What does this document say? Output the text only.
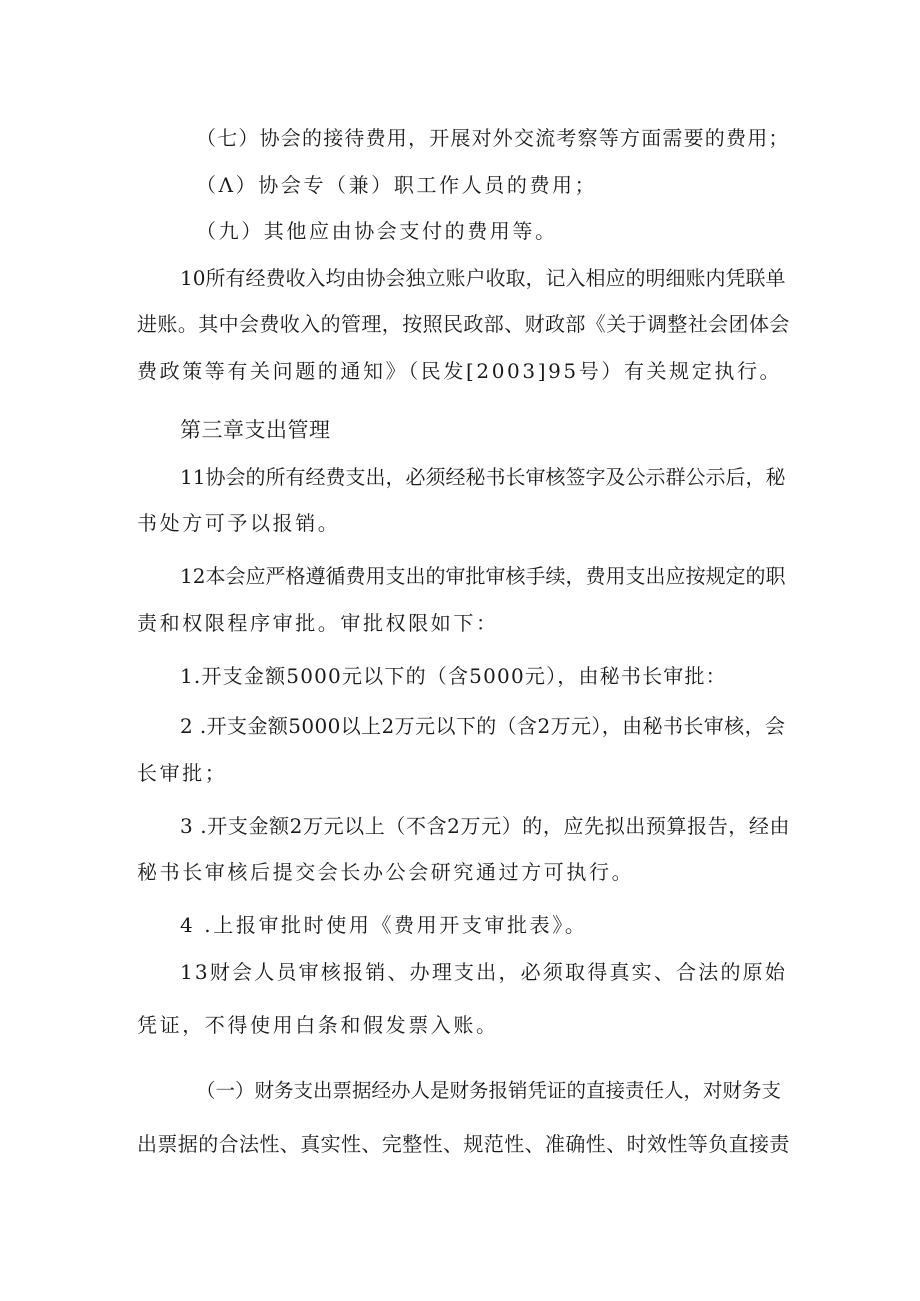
（七）协会的接待费用，开展对外交流考察等方面需要的费用；
（Λ）协会专（兼）职工作人员的费用；
（九）其他应由协会支付的费用等。
10所有经费收入均由协会独立账户收取，记入相应的明细账内凭联单
进账。其中会费收入的管理，按照民政部、财政部《关于调整社会团体会
费政策等有关问题的通知》（民发[2003]95号）有关规定执行。
第三章支出管理
11协会的所有经费支出，必须经秘书长审核签字及公示群公示后，秘
书处方可予以报销。
12本会应严格遵循费用支出的审批审核手续，费用支出应按规定的职
责和权限程序审批。审批权限如下：
1.开支金额5000元以下的（含5000元），由秘书长审批：
2 .开支金额5000以上2万元以下的（含2万元），由秘书长审核，会
长审批；
3 .开支金额2万元以上（不含2万元）的，应先拟出预算报告，经由
秘书长审核后提交会长办公会研究通过方可执行。
4 .上报审批时使用《费用开支审批表》。
13财会人员审核报销、办理支出，必须取得真实、合法的原始
凭证，不得使用白条和假发票入账。
（一）财务支出票据经办人是财务报销凭证的直接责任人，对财务支
出票据的合法性、真实性、完整性、规范性、准确性、时效性等负直接责
